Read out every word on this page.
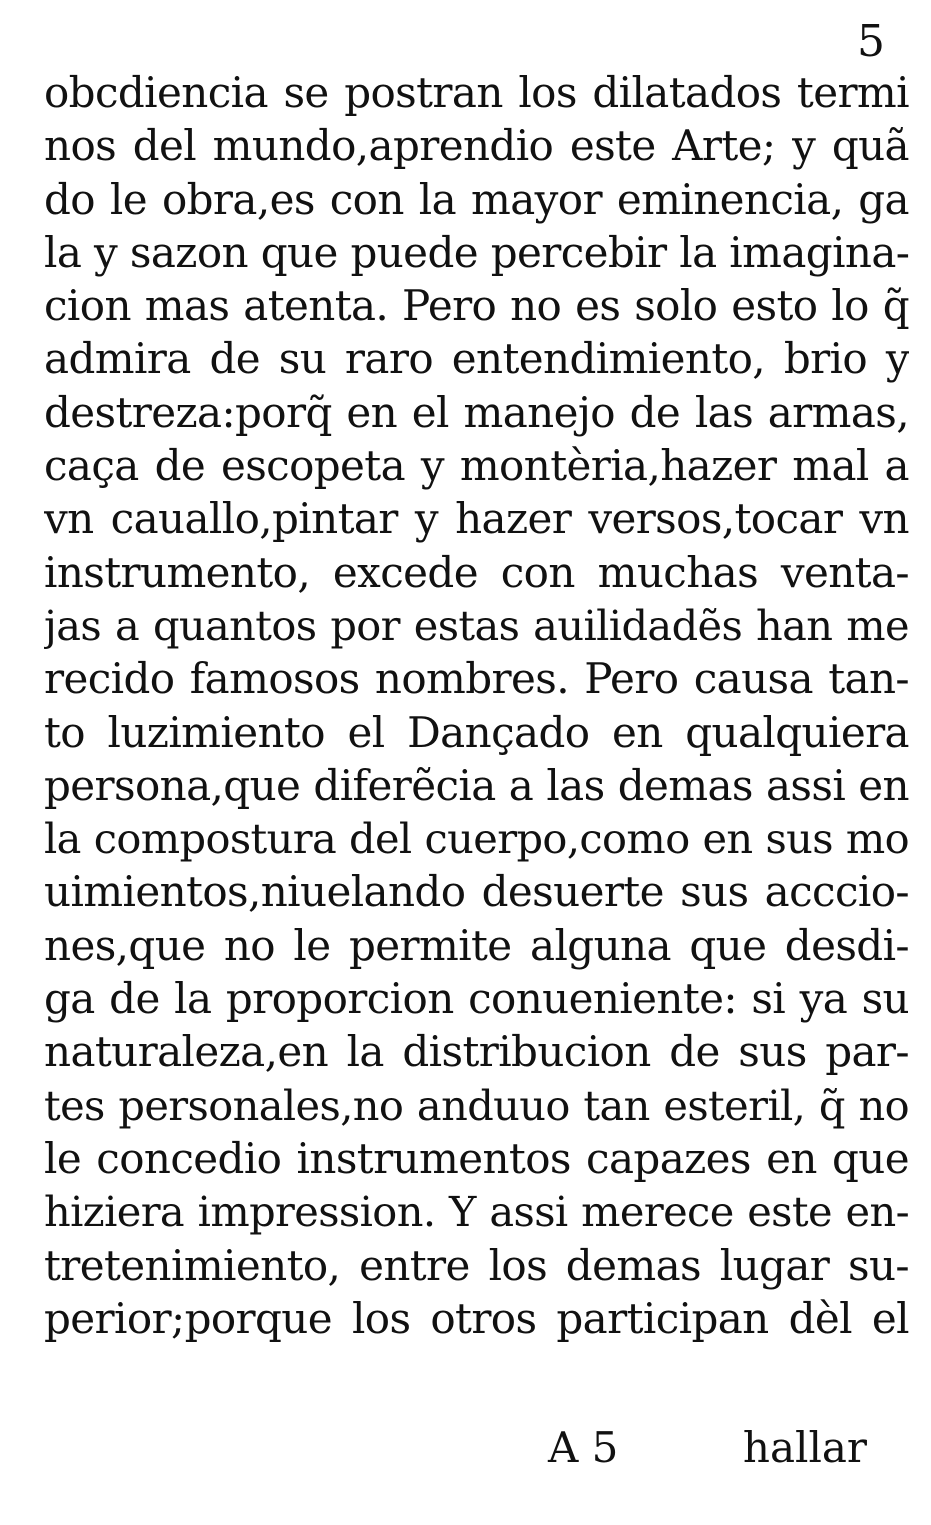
5
obcdiencia se postran los dilatados termi
nos del mundo,aprendio este Arte; y quã
do le obra,es con la mayor eminencia, ga
la y sazon que puede percebir la imagina-
cion mas atenta. Pero no es solo esto lo q̃
admira de su raro entendimiento, brio y
destreza:porq̃ en el manejo de las armas,
caça de escopeta y montèria,hazer mal a
vn cauallo,pintar y hazer versos,tocar vn
instrumento, excede con muchas venta-
jas a quantos por estas auilidadẽs han me
recido famosos nombres. Pero causa tan-
to luzimiento el Dançado en qualquiera
persona,que diferẽcia a las demas assi en
la compostura del cuerpo,como en sus mo
uimientos,niuelando desuerte sus acccio-
nes,que no le permite alguna que desdi-
ga de la proporcion conueniente: si ya su
naturaleza,en la distribucion de sus par-
tes personales,no anduuo tan esteril, q̃ no
le concedio instrumentos capazes en que
hiziera impression. Y assi merece este en-
tretenimiento, entre los demas lugar su-
perior;porque los otros participan dèl el
A 5	hallar
